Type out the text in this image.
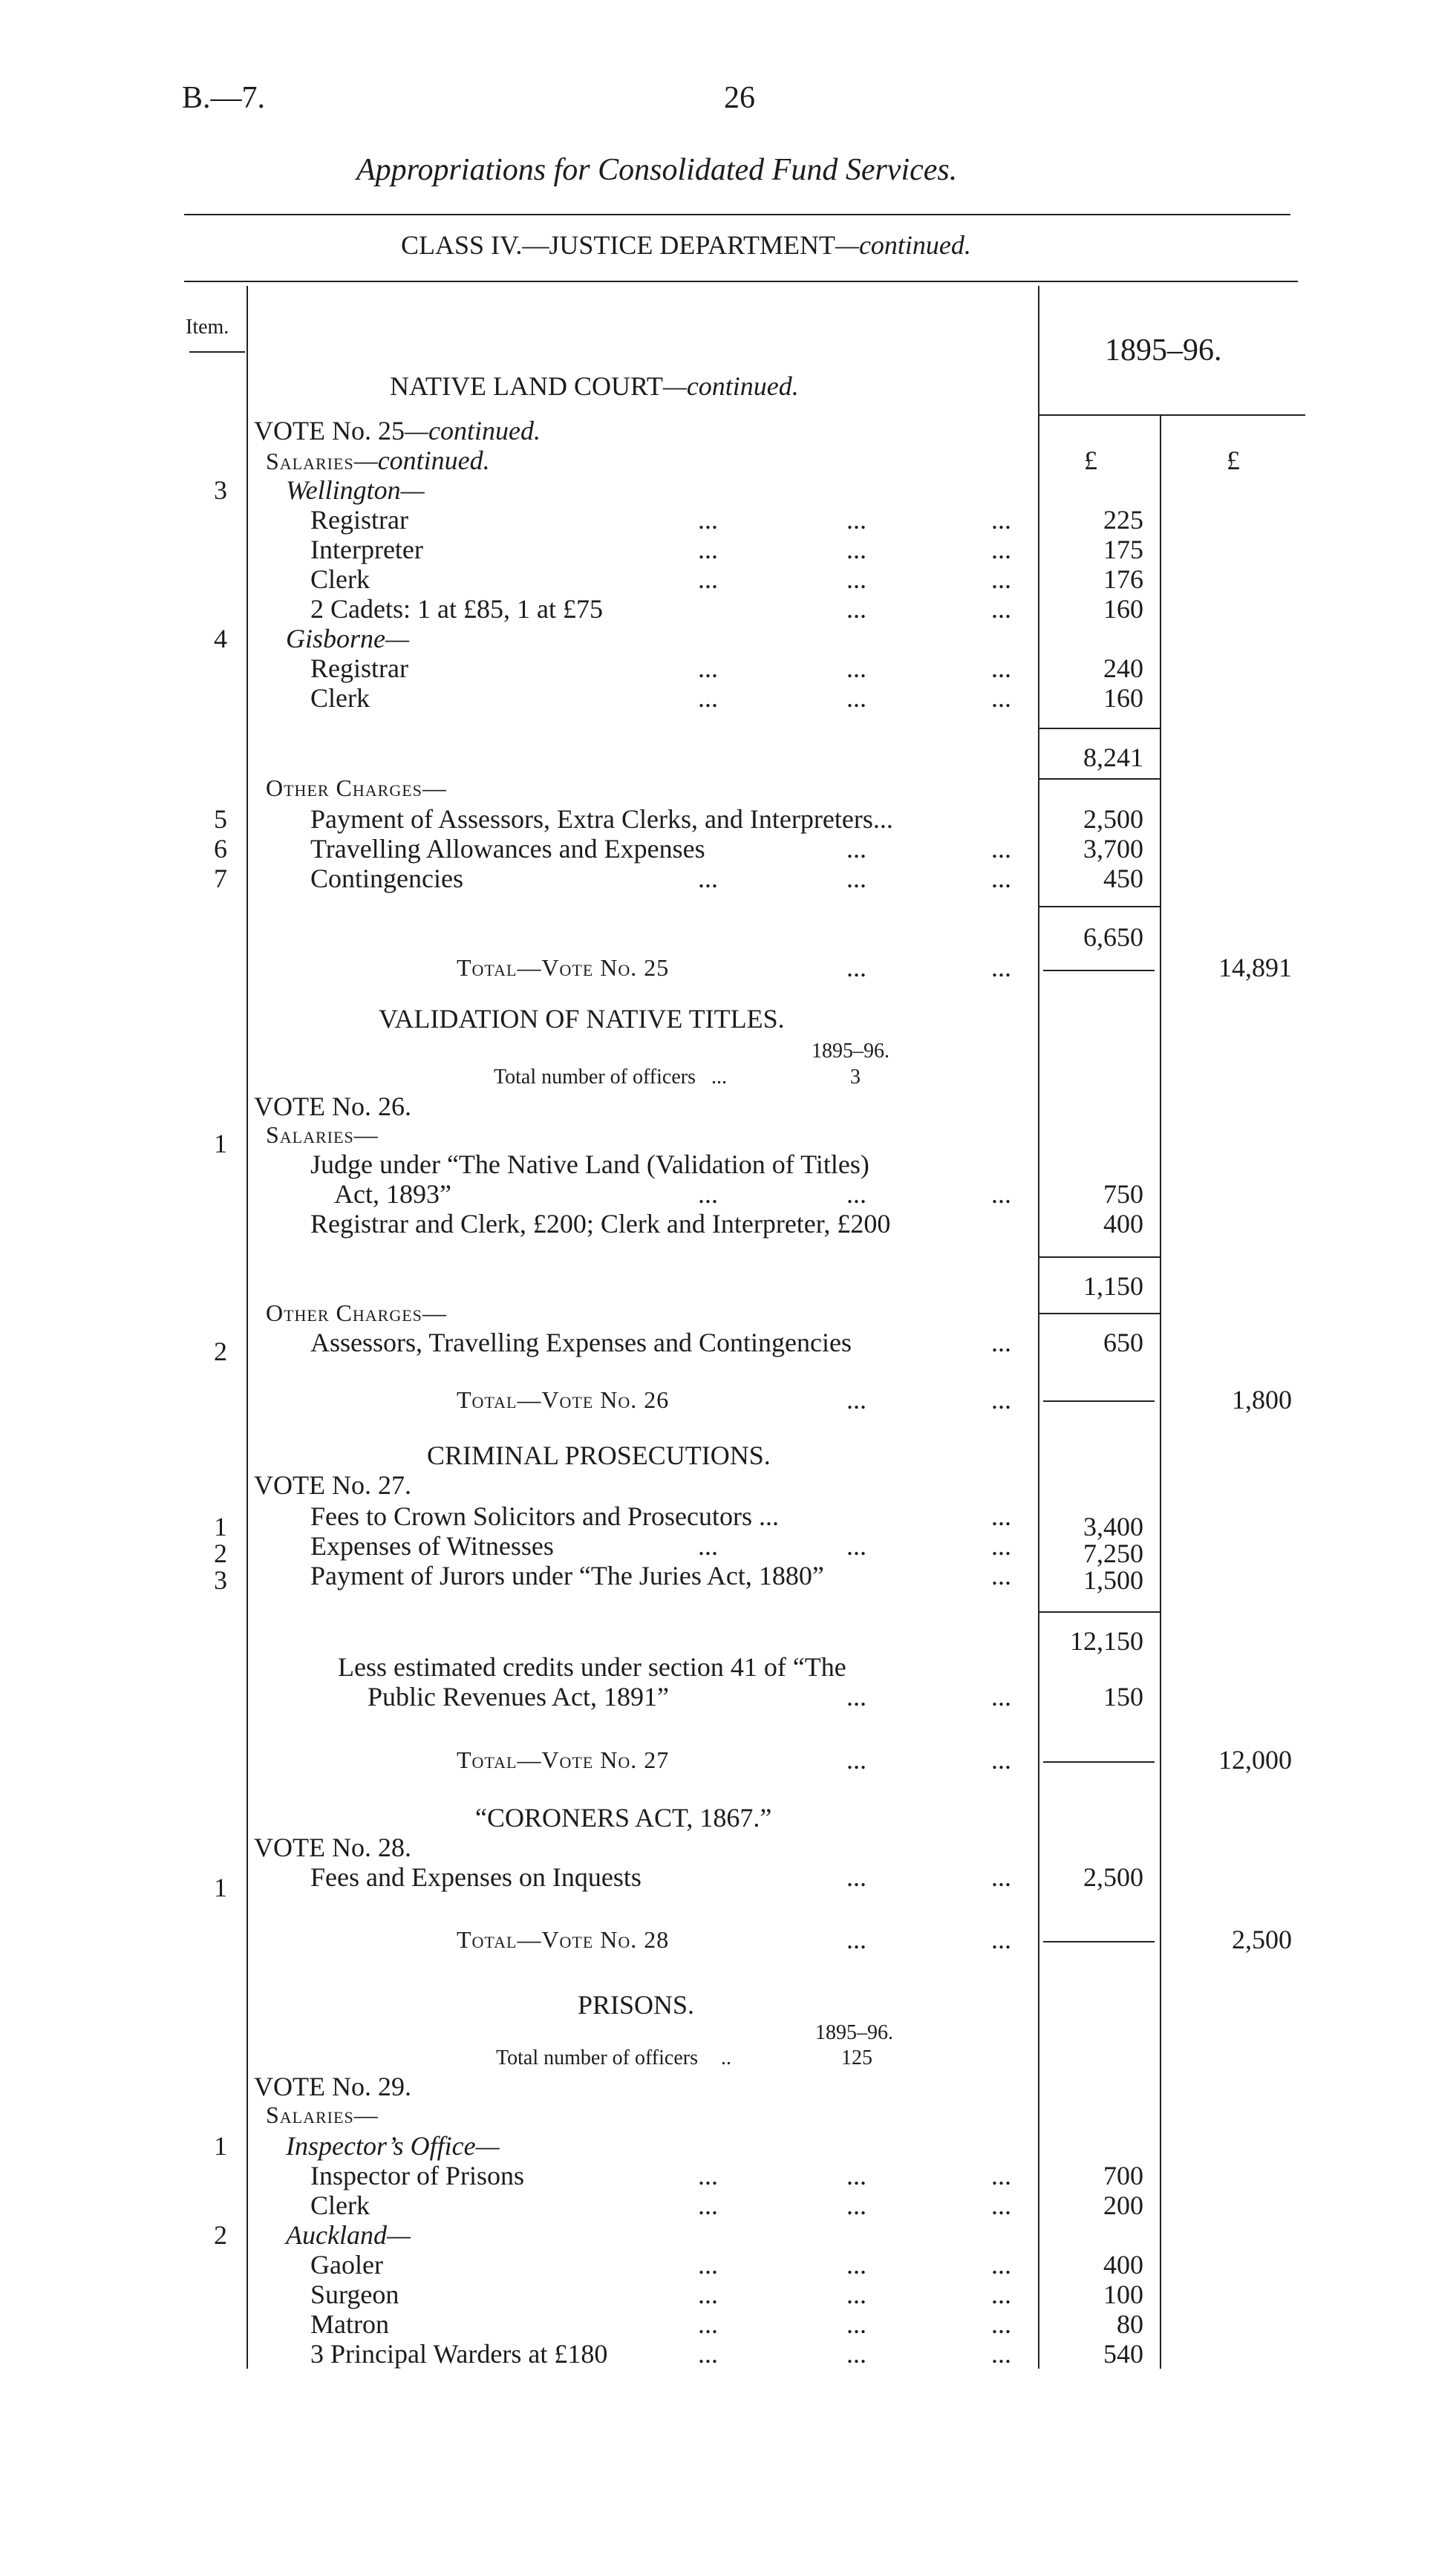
B.—7.	26
Appropriations for Consolidated Fund Services.
CLASS IV.—JUSTICE DEPARTMENT—continued.
Item.
1895–96.
£	£
NATIVE LAND COURT—continued.
VOTE No. 25—continued.
Salaries—continued.
3 Wellington—
Registrar	...	...	...	225
Interpreter	...	...	...	175
Clerk	...	...	...	176
2 Cadets: 1 at £85, 1 at £75	...	...	160
4 Gisborne—
Registrar	...	...	...	240
Clerk	...	...	...	160
8,241
Other Charges—
5	Payment of Assessors, Extra Clerks, and Interpreters...	2,500
6	Travelling Allowances and Expenses	...	...	3,700
7	Contingencies	...	...	...	450
6,650
Total—Vote No. 25	...	...	14,891
VALIDATION OF NATIVE TITLES.
1895–96.
Total number of officers ...	3
VOTE No. 26.
Salaries—
1
Judge under “The Native Land (Validation of Titles)
Act, 1893”	...	...	...	750
Registrar and Clerk, £200; Clerk and Interpreter, £200	400
1,150
Other Charges—
2	Assessors, Travelling Expenses and Contingencies	...	650
Total—Vote No. 26	...	...	1,800
CRIMINAL PROSECUTIONS.
VOTE No. 27.
1	Fees to Crown Solicitors and Prosecutors ...	...	3,400
2	Expenses of Witnesses	...	...	...	7,250
3	Payment of Jurors under “The Juries Act, 1880”	...	1,500
12,150
Less estimated credits under section 41 of “The
Public Revenues Act, 1891”	...	...	150
Total—Vote No. 27	...	...	12,000
“CORONERS ACT, 1867.”
VOTE No. 28.
1	Fees and Expenses on Inquests	...	...	2,500
Total—Vote No. 28	...	...	2,500
PRISONS.
1895–96.
Total number of officers ..	125
VOTE No. 29.
Salaries—
1 Inspector’s Office—
Inspector of Prisons	...	...	...	700
Clerk	...	...	...	200
2 Auckland—
Gaoler	...	...	...	400
Surgeon	...	...	...	100
Matron	...	...	...	80
3 Principal Warders at £180	...	...	...	540
